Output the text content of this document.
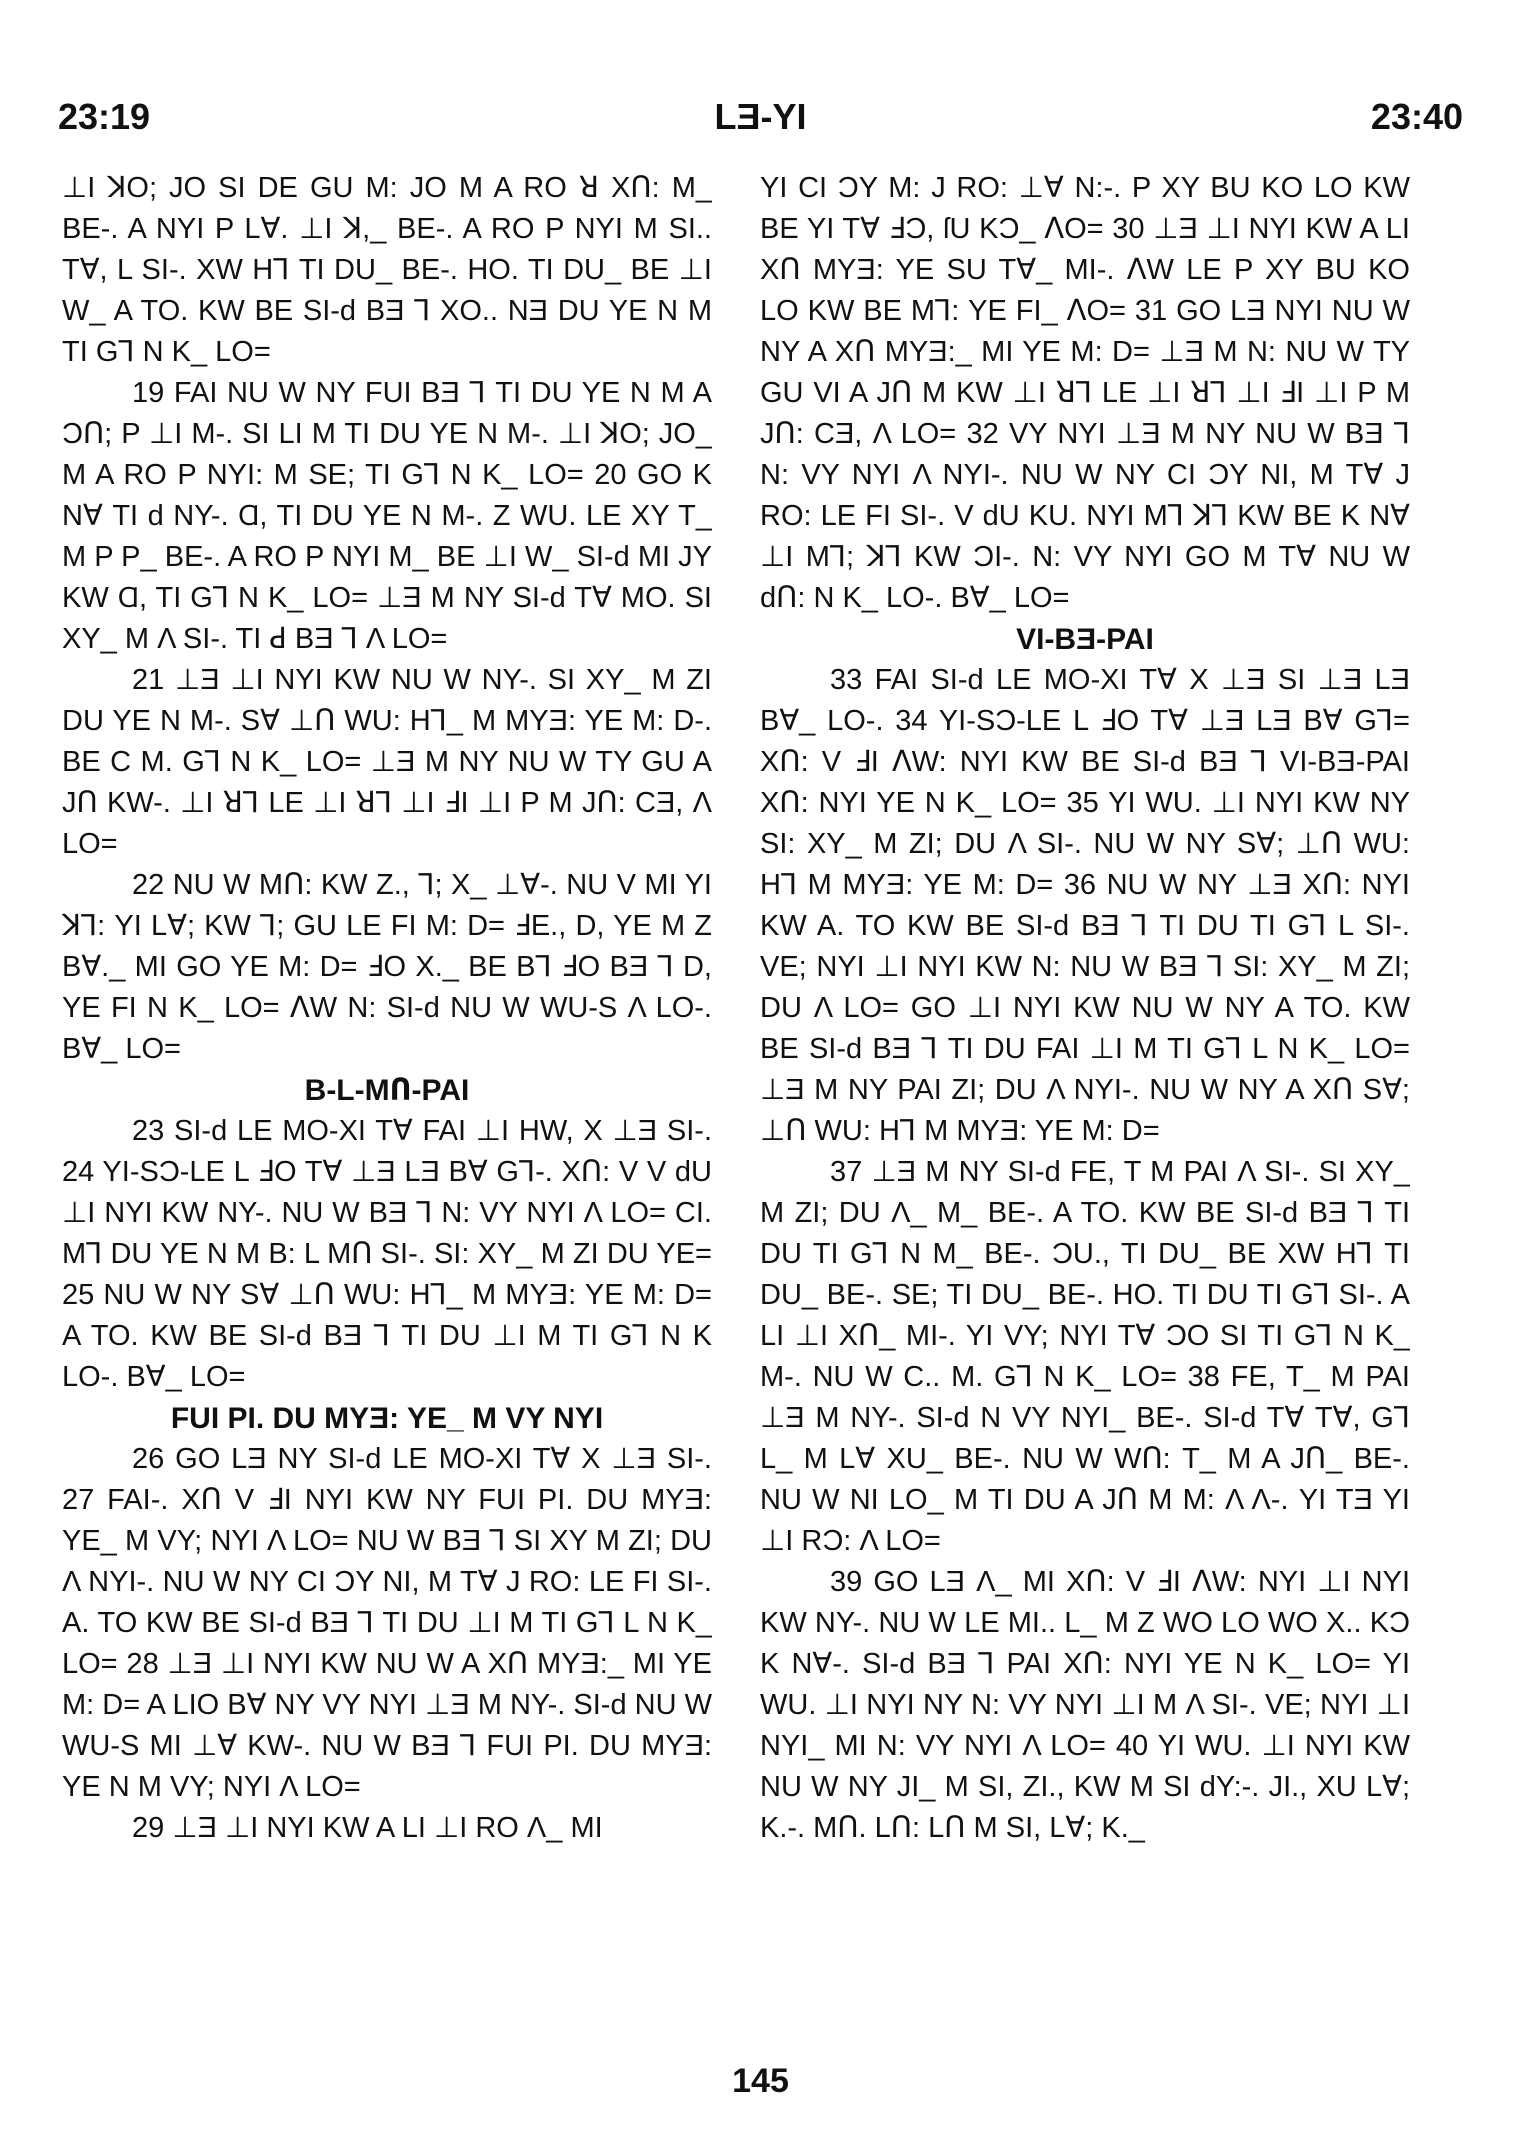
23:19	LƎ-YI	23:40

⊥I ꓘO; JO SI DE GU M: JO M A RO ꓤ XՈ: M_ BE-. A NYI P Lꓯ. ⊥I ꓘ,_ BE-. A RO P NYI M SI.. Tꓯ, L SI-. XW Hꓶ TI DU_ BE-. HO. TI DU_ BE ⊥I W_ A TO. KW BE SI-d BƎ ꓶ XO.. NƎ DU YE N M TI Gꓶ N K_ LO=

19 FAI NU W NY FUI BƎ ꓶ TI DU YE N M A ƆՈ; P ⊥I M-. SI LI M TI DU YE N M-. ⊥I ꓘO; JO_ M A RO P NYI: M SE; TI Gꓶ N K_ LO= 20 GO K Nꓯ TI d NY-. Ɑ, TI DU YE N M-. Z WU. LE XY T_ M P P_ BE-. A RO P NYI M_ BE ⊥I W_ SI-d MI JY KW Ɑ, TI Gꓶ N K_ LO= ⊥Ǝ M NY SI-d Tꓯ MO. SI XY_ M Λ SI-. TI ꓒ BƎ ꓶ Λ LO=

21 ⊥Ǝ ⊥I NYI KW NU W NY-. SI XY_ M ZI DU YE N M-. Sꓯ ⊥Ո WU: Hꓶ_ M MYƎ: YE M: D-. BE C M. Gꓶ N K_ LO= ⊥Ǝ M NY NU W TY GU A JՈ KW-. ⊥I ꓤꓶ LE ⊥I ꓤꓶ ⊥I ꓞI ⊥I P M JՈ: CƎ, Λ LO=

22 NU W MՈ: KW Z., ꓶ; X_ ⊥ꓯ-. NU V MI YI ꓘꓶ: YI Lꓯ; KW ꓶ; GU LE FI M: D= ꓞE., D, YE M Z Bꓯ._ MI GO YE M: D= ꓞO X._ BE Bꓶ ꓞO BƎ ꓶ D, YE FI N K_ LO= ꓥW N: SI-d NU W WU-S Λ LO-. Bꓯ_ LO=

B-L-MՈ-PAI

23 SI-d LE MO-XI Tꓯ FAI ⊥I HW, X ⊥Ǝ SI-. 24 YI-SƆ-LE L ꓞO Tꓯ ⊥Ǝ LƎ Bꓯ Gꓶ-. XՈ: V V dU ⊥I NYI KW NY-. NU W BƎ ꓶ N: VY NYI Λ LO= CI. Mꓶ DU YE N M B: L MՈ SI-. SI: XY_ M ZI DU YE= 25 NU W NY Sꓯ ⊥Ո WU: Hꓶ_ M MYƎ: YE M: D= A TO. KW BE SI-d BƎ ꓶ TI DU ⊥I M TI Gꓶ N K LO-. Bꓯ_ LO=

FUI PI. DU MYƎ: YE_ M VY NYI

26 GO LƎ NY SI-d LE MO-XI Tꓯ X ⊥Ǝ SI-. 27 FAI-. XՈ V ꓞI NYI KW NY FUI PI. DU MYƎ: YE_ M VY; NYI Λ LO= NU W BƎ ꓶ SI XY M ZI; DU Λ NYI-. NU W NY CI ƆY NI, M Tꓯ J RO: LE FI SI-. A. TO KW BE SI-d BƎ ꓶ TI DU ⊥I M TI Gꓶ L N K_ LO= 28 ⊥Ǝ ⊥I NYI KW NU W A XՈ MYƎ:_ MI YE M: D= A LIO Bꓯ NY VY NYI ⊥Ǝ M NY-. SI-d NU W WU-S MI ⊥ꓯ KW-. NU W BƎ ꓶ FUI PI. DU MYƎ: YE N M VY; NYI Λ LO=

29 ⊥Ǝ ⊥I NYI KW A LI ⊥I RO Λ_ MI

YI CI ƆY M: J RO: ⊥ꓯ N:-. P XY BU KO LO KW BE YI Tꓯ ꓞƆ, ſU KƆ_ ꓥO= 30 ⊥Ǝ ⊥I NYI KW A LI XՈ MYƎ: YE SU Tꓯ_ MI-. ꓥW LE P XY BU KO LO KW BE Mꓶ: YE FI_ ꓥO= 31 GO LƎ NYI NU W NY A XՈ MYƎ:_ MI YE M: D= ⊥Ǝ M N: NU W TY GU VI A JՈ M KW ⊥I ꓤꓶ LE ⊥I ꓤꓶ ⊥I ꓞI ⊥I P M JՈ: CƎ, Λ LO= 32 VY NYI ⊥Ǝ M NY NU W BƎ ꓶ N: VY NYI Λ NYI-. NU W NY CI ƆY NI, M Tꓯ J RO: LE FI SI-. V dU KU. NYI Mꓶ ꓘꓶ KW BE K Nꓯ ⊥I Mꓶ; ꓘꓶ KW ƆI-. N: VY NYI GO M Tꓯ NU W dՈ: N K_ LO-. Bꓯ_ LO=

VI-BƎ-PAI

33 FAI SI-d LE MO-XI Tꓯ X ⊥Ǝ SI ⊥Ǝ LƎ Bꓯ_ LO-. 34 YI-SƆ-LE L ꓞO Tꓯ ⊥Ǝ LƎ Bꓯ Gꓶ= XՈ: V ꓞI ꓥW: NYI KW BE SI-d BƎ ꓶ VI-BƎ-PAI XՈ: NYI YE N K_ LO= 35 YI WU. ⊥I NYI KW NY SI: XY_ M ZI; DU Λ SI-. NU W NY Sꓯ; ⊥Ո WU: Hꓶ M MYƎ: YE M: D= 36 NU W NY ⊥Ǝ XՈ: NYI KW A. TO KW BE SI-d BƎ ꓶ TI DU TI Gꓶ L SI-. VE; NYI ⊥I NYI KW N: NU W BƎ ꓶ SI: XY_ M ZI; DU Λ LO= GO ⊥I NYI KW NU W NY A TO. KW BE SI-d BƎ ꓶ TI DU FAI ⊥I M TI Gꓶ L N K_ LO= ⊥Ǝ M NY PAI ZI; DU Λ NYI-. NU W NY A XՈ Sꓯ; ⊥Ո WU: Hꓶ M MYƎ: YE M: D=

37 ⊥Ǝ M NY SI-d FE, T M PAI Λ SI-. SI XY_ M ZI; DU Λ_ M_ BE-. A TO. KW BE SI-d BƎ ꓶ TI DU TI Gꓶ N M_ BE-. ƆU., TI DU_ BE XW Hꓶ TI DU_ BE-. SE; TI DU_ BE-. HO. TI DU TI Gꓶ SI-. A LI ⊥I XՈ_ MI-. YI VY; NYI Tꓯ ƆO SI TI Gꓶ N K_ M-. NU W C.. M. Gꓶ N K_ LO= 38 FE, T_ M PAI ⊥Ǝ M NY-. SI-d N VY NYI_ BE-. SI-d Tꓯ Tꓯ, Gꓶ L_ M Lꓯ XU_ BE-. NU W WՈ: T_ M A JՈ_ BE-. NU W NI LO_ M TI DU A JՈ M M: Λ Λ-. YI TƎ YI ⊥I RƆ: Λ LO=

39 GO LƎ Λ_ MI XՈ: V ꓞI ꓥW: NYI ⊥I NYI KW NY-. NU W LE MI.. L_ M Z WO LO WO X.. KƆ K Nꓯ-. SI-d BƎ ꓶ PAI XՈ: NYI YE N K_ LO= YI WU. ⊥I NYI NY N: VY NYI ⊥I M Λ SI-. VE; NYI ⊥I NYI_ MI N: VY NYI Λ LO= 40 YI WU. ⊥I NYI KW NU W NY JI_ M SI, ZI., KW M SI dY:-. JI., XU Lꓯ; K.-. MՈ. LՈ: LՈ M SI, Lꓯ; K._

145
